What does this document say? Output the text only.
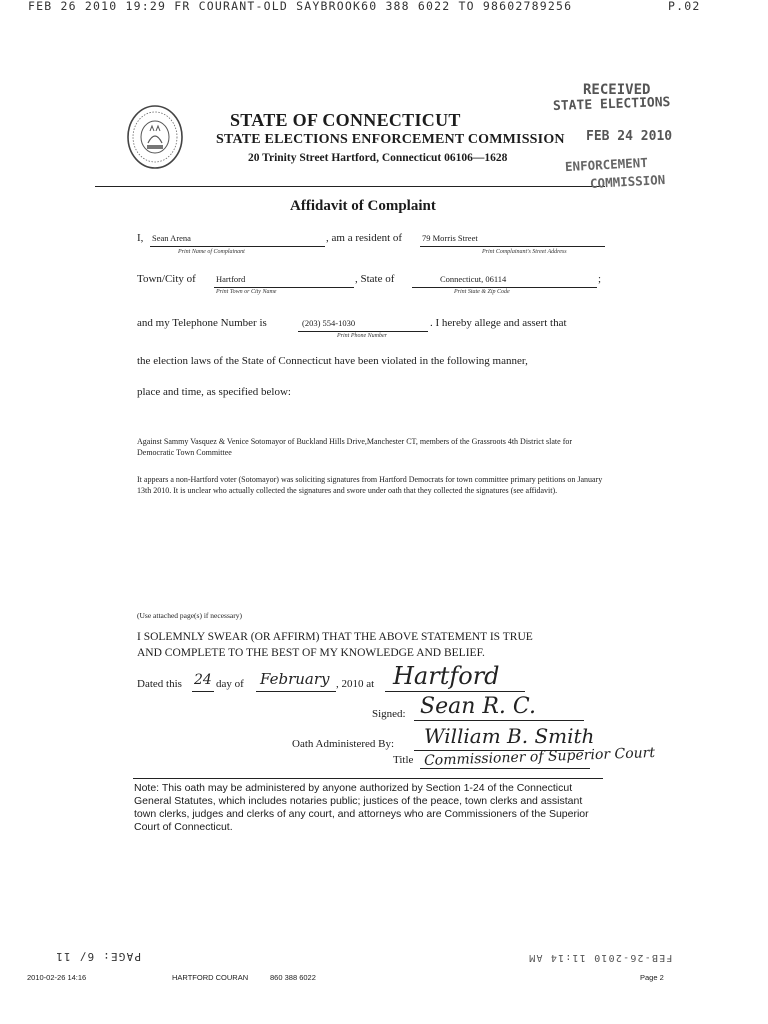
FEB 26 2010 19:29 FR COURANT-OLD SAYBROOK60 388 6022 TO 98602789256	P.02
STATE OF CONNECTICUT
STATE ELECTIONS ENFORCEMENT COMMISSION
20 Trinity Street Hartford, Connecticut 06106—1628
RECEIVED
STATE ELECTIONS
FEB 24 2010
ENFORCEMENT
COMMISSION
Affidavit of Complaint
I, Sean Arena	, am a resident of 79 Morris Street
Print Name of Complainant	Print Complainant's Street Address
Town/City of Hartford	, State of	Connecticut, 06114	;
Print Town or City Name	Print State & Zip Code
and my Telephone Number is	(203) 554-1030	. I hereby allege and assert that
Print Phone Number
the election laws of the State of Connecticut have been violated in the following manner,
place and time, as specified below:
Against Sammy Vasquez & Venice Sotomayor of Buckland Hills Drive,Manchester CT, members of the Grassroots 4th District slate for Democratic Town Committee
It appears a non-Hartford voter (Sotomayor) was soliciting signatures from Hartford Democrats for town committee primary petitions on January 13th 2010. It is unclear who actually collected the signatures and swore under oath that they collected the signatures (see affidavit).
(Use attached page(s) if necessary)
I SOLEMNLY SWEAR (OR AFFIRM) THAT THE ABOVE STATEMENT IS TRUE
AND COMPLETE TO THE BEST OF MY KNOWLEDGE AND BELIEF.
Dated this 24 day of February , 2010 at Hartford
Signed: Sean R. C.
Oath Administered By: William B. Smith
Title Commissioner of Superior Court
Note: This oath may be administered by anyone authorized by Section 1-24 of the Connecticut General Statutes, which includes notaries public; justices of the peace, town clerks and assistant town clerks, judges and clerks of any court, and attorneys who are Commissioners of the Superior Court of Connecticut.
PAGE: 6/ 11	FEB-26-2010 11:14 AM
2010-02-26 14:16	HARTFORD COURAN	860 388 6022	Page 2
